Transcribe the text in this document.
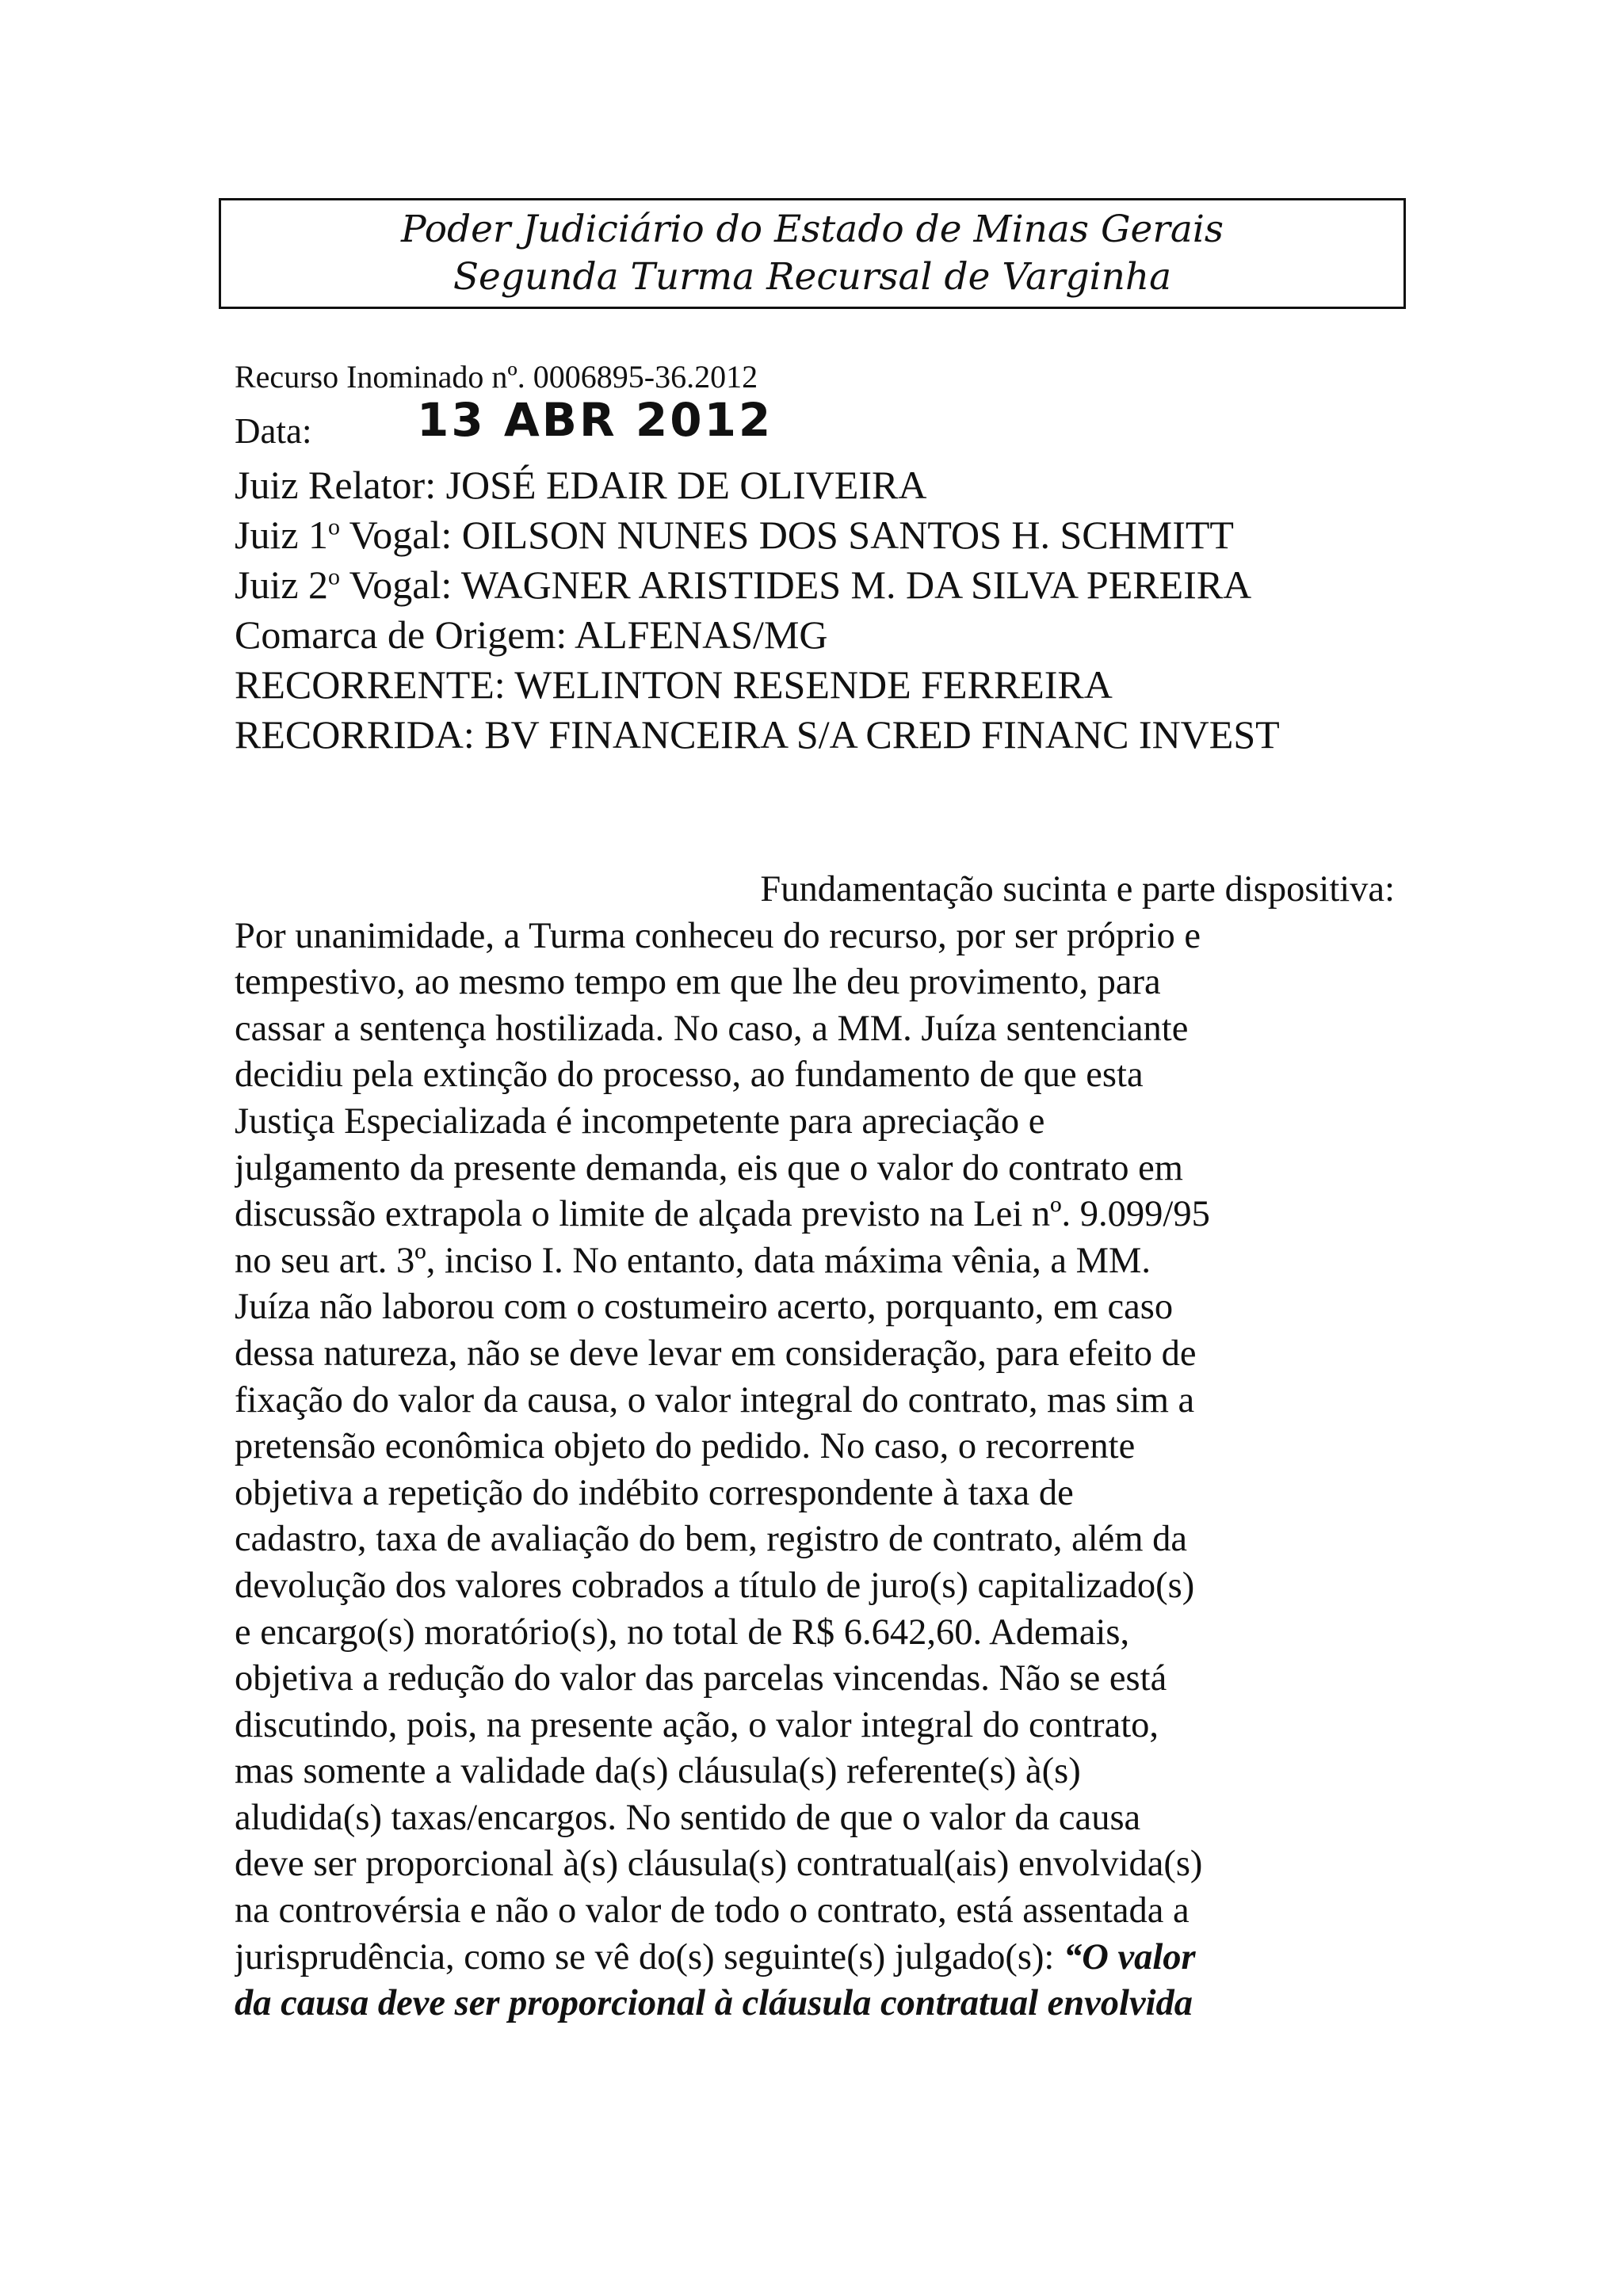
Poder Judiciário do Estado de Minas Gerais
Segunda Turma Recursal de Varginha
Recurso Inominado nº. 0006895-36.2012
Data: 13 ABR 2012
Juiz Relator: JOSÉ EDAIR DE OLIVEIRA
Juiz 1$^o$ Vogal: OILSON NUNES DOS SANTOS H. SCHMITT
Juiz 2$^o$ Vogal: WAGNER ARISTIDES M. DA SILVA PEREIRA
Comarca de Origem: ALFENAS/MG
RECORRENTE: WELINTON RESENDE FERREIRA
RECORRIDA: BV FINANCEIRA S/A CRED FINANC INVEST
Fundamentação sucinta e parte dispositiva:
Por unanimidade, a Turma conheceu do recurso, por ser próprio e
tempestivo, ao mesmo tempo em que lhe deu provimento, para
cassar a sentença hostilizada. No caso, a MM. Juíza sentenciante
decidiu pela extinção do processo, ao fundamento de que esta
Justiça Especializada é incompetente para apreciação e
julgamento da presente demanda, eis que o valor do contrato em
discussão extrapola o limite de alçada previsto na Lei nº. 9.099/95
no seu art. 3º, inciso I. No entanto, data máxima vênia, a MM.
Juíza não laborou com o costumeiro acerto, porquanto, em caso
dessa natureza, não se deve levar em consideração, para efeito de
fixação do valor da causa, o valor integral do contrato, mas sim a
pretensão econômica objeto do pedido. No caso, o recorrente
objetiva a repetição do indébito correspondente à taxa de
cadastro, taxa de avaliação do bem, registro de contrato, além da
devolução dos valores cobrados a título de juro(s) capitalizado(s)
e encargo(s) moratório(s), no total de R$ 6.642,60. Ademais,
objetiva a redução do valor das parcelas vincendas. Não se está
discutindo, pois, na presente ação, o valor integral do contrato,
mas somente a validade da(s) cláusula(s) referente(s) à(s)
aludida(s) taxas/encargos. No sentido de que o valor da causa
deve ser proporcional à(s) cláusula(s) contratual(ais) envolvida(s)
na controvérsia e não o valor de todo o contrato, está assentada a
jurisprudência, como se vê do(s) seguinte(s) julgado(s): “O valor
da causa deve ser proporcional à cláusula contratual envolvida
